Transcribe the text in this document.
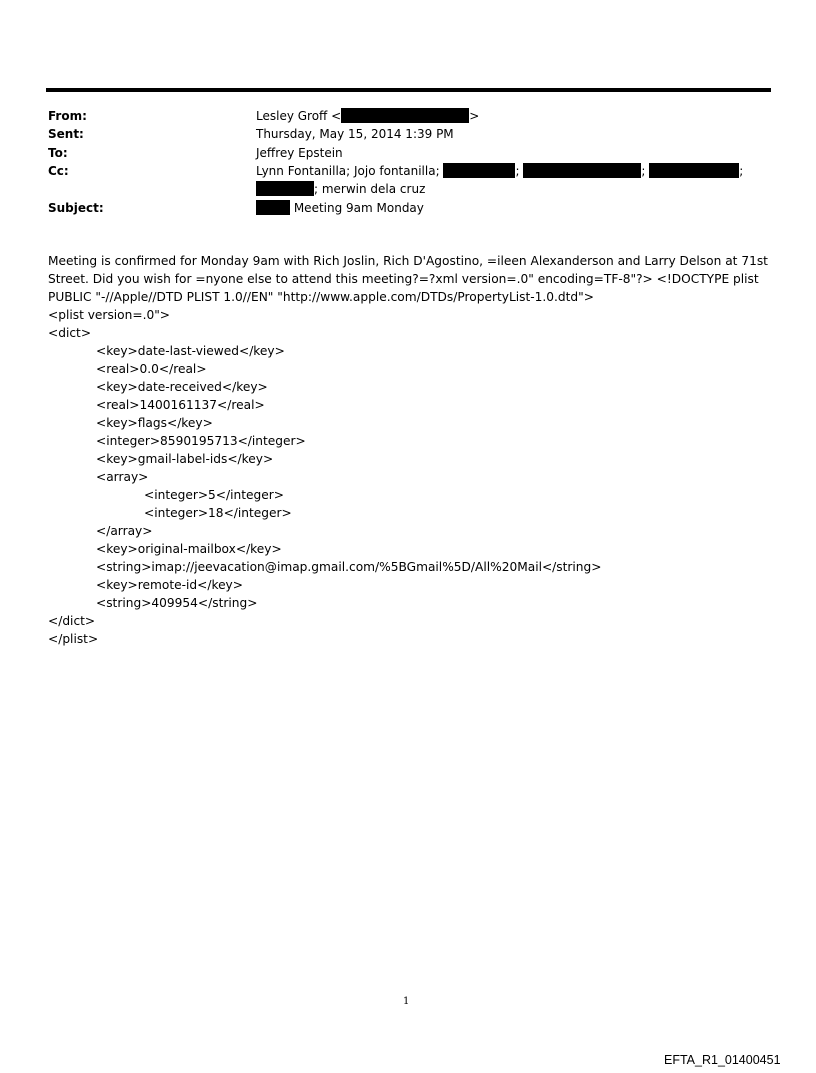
From:	Lesley Groff <	>
Sent:	Thursday, May 15, 2014 1:39 PM
To:	Jeffrey Epstein
Cc:	Lynn Fontanilla; Jojo fontanilla;	;	;	;
; merwin dela cruz
Subject:	Meeting 9am Monday

Meeting is confirmed for Monday 9am with Rich Joslin, Rich D'Agostino, =ileen Alexanderson and Larry Delson at 71st Street. Did you wish for =nyone else to attend this meeting?=?xml version=.0" encoding=TF-8"?> <!DOCTYPE plist PUBLIC "-//Apple//DTD PLIST 1.0//EN" "http://www.apple.com/DTDs/PropertyList-1.0.dtd">

<plist version=.0">
<dict>
<key>date-last-viewed</key>
<real>0.0</real>
<key>date-received</key>
<real>1400161137</real>
<key>flags</key>
<integer>8590195713</integer>
<key>gmail-label-ids</key>
<array>
<integer>5</integer>
<integer>18</integer>
</array>
<key>original-mailbox</key>
<string>imap://jeevacation@imap.gmail.com/%5BGmail%5D/All%20Mail</string>
<key>remote-id</key>
<string>409954</string>
</dict>
</plist>
1
EFTA_R1_01400451
